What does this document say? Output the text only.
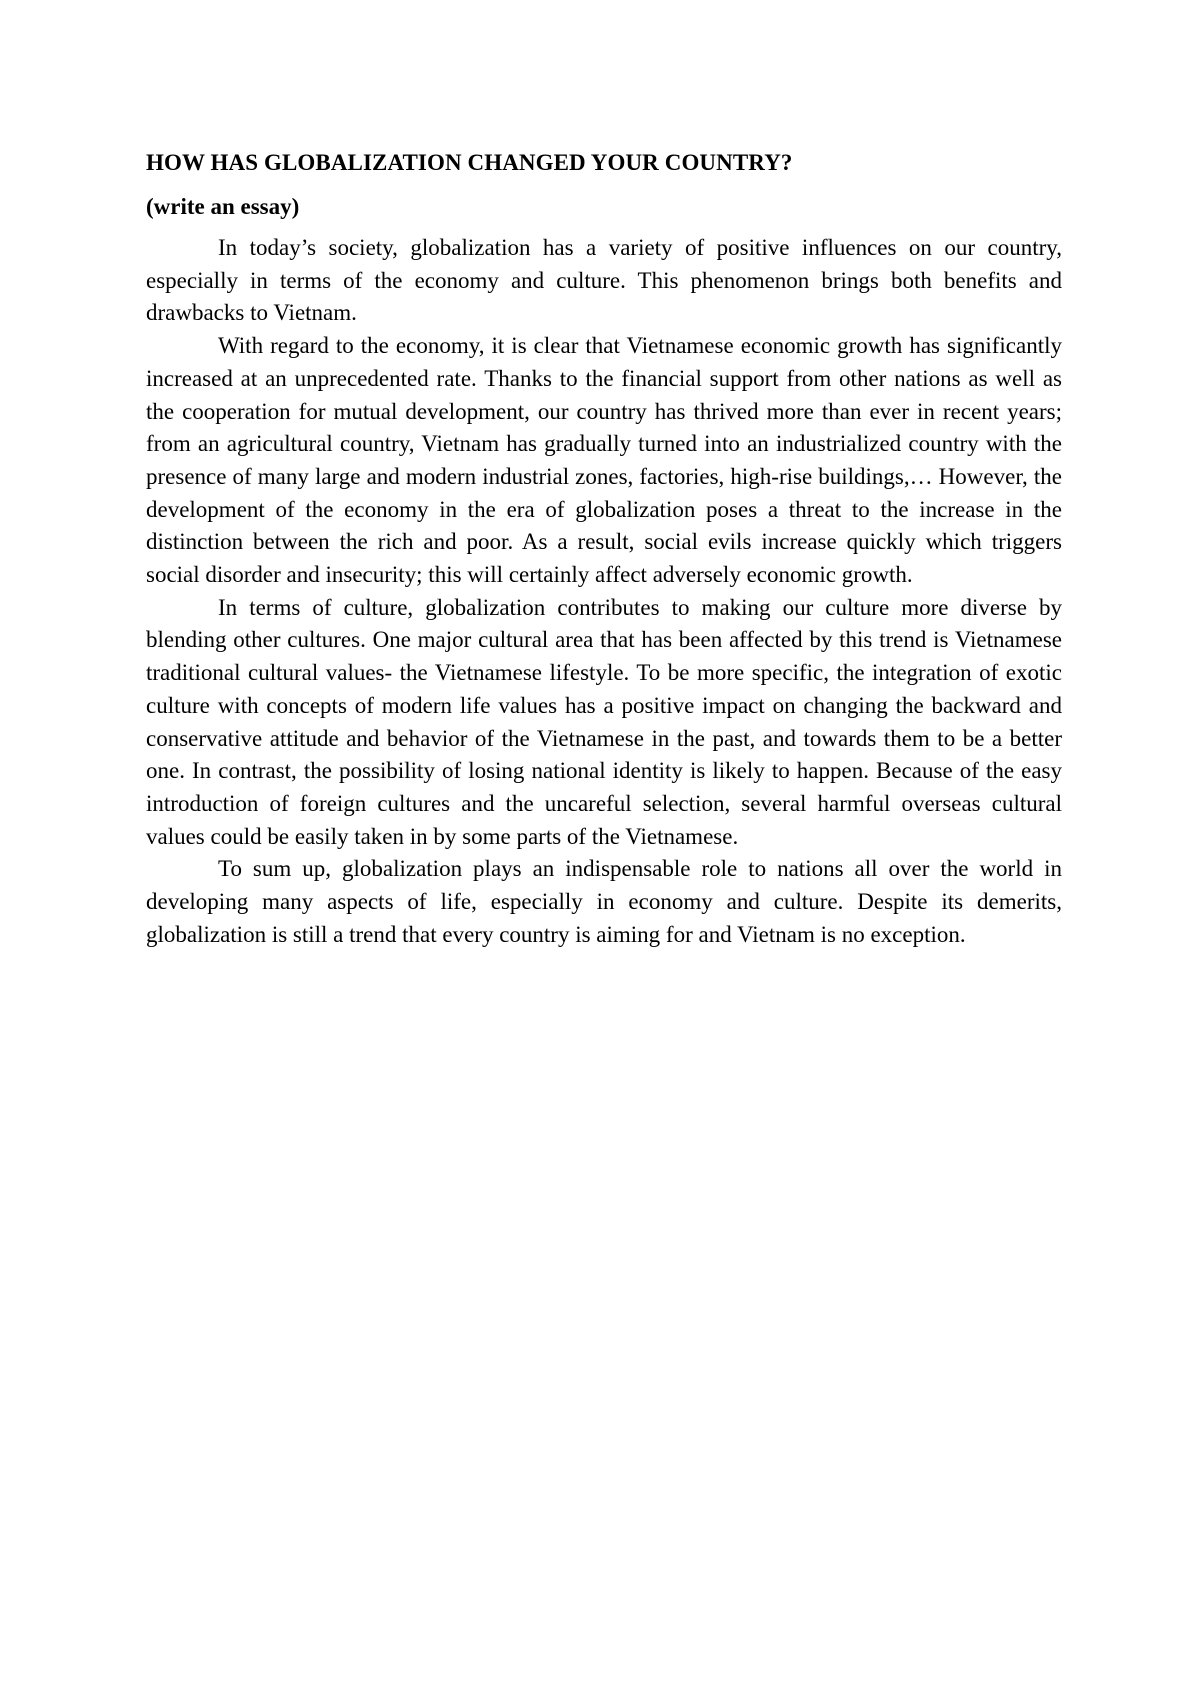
HOW HAS GLOBALIZATION CHANGED YOUR COUNTRY?
(write an essay)

In today’s society, globalization has a variety of positive influences on our country, especially in terms of the economy and culture. This phenomenon brings both benefits and drawbacks to Vietnam.

With regard to the economy, it is clear that Vietnamese economic growth has significantly increased at an unprecedented rate. Thanks to the financial support from other nations as well as the cooperation for mutual development, our country has thrived more than ever in recent years; from an agricultural country, Vietnam has gradually turned into an industrialized country with the presence of many large and modern industrial zones, factories, high-rise buildings,… However, the development of the economy in the era of globalization poses a threat to the increase in the distinction between the rich and poor. As a result, social evils increase quickly which triggers social disorder and insecurity; this will certainly affect adversely economic growth.

In terms of culture, globalization contributes to making our culture more diverse by blending other cultures. One major cultural area that has been affected by this trend is Vietnamese traditional cultural values- the Vietnamese lifestyle. To be more specific, the integration of exotic culture with concepts of modern life values has a positive impact on changing the backward and conservative attitude and behavior of the Vietnamese in the past, and towards them to be a better one. In contrast, the possibility of losing national identity is likely to happen. Because of the easy introduction of foreign cultures and the uncareful selection, several harmful overseas cultural values could be easily taken in by some parts of the Vietnamese.

To sum up, globalization plays an indispensable role to nations all over the world in developing many aspects of life, especially in economy and culture. Despite its demerits, globalization is still a trend that every country is aiming for and Vietnam is no exception.
